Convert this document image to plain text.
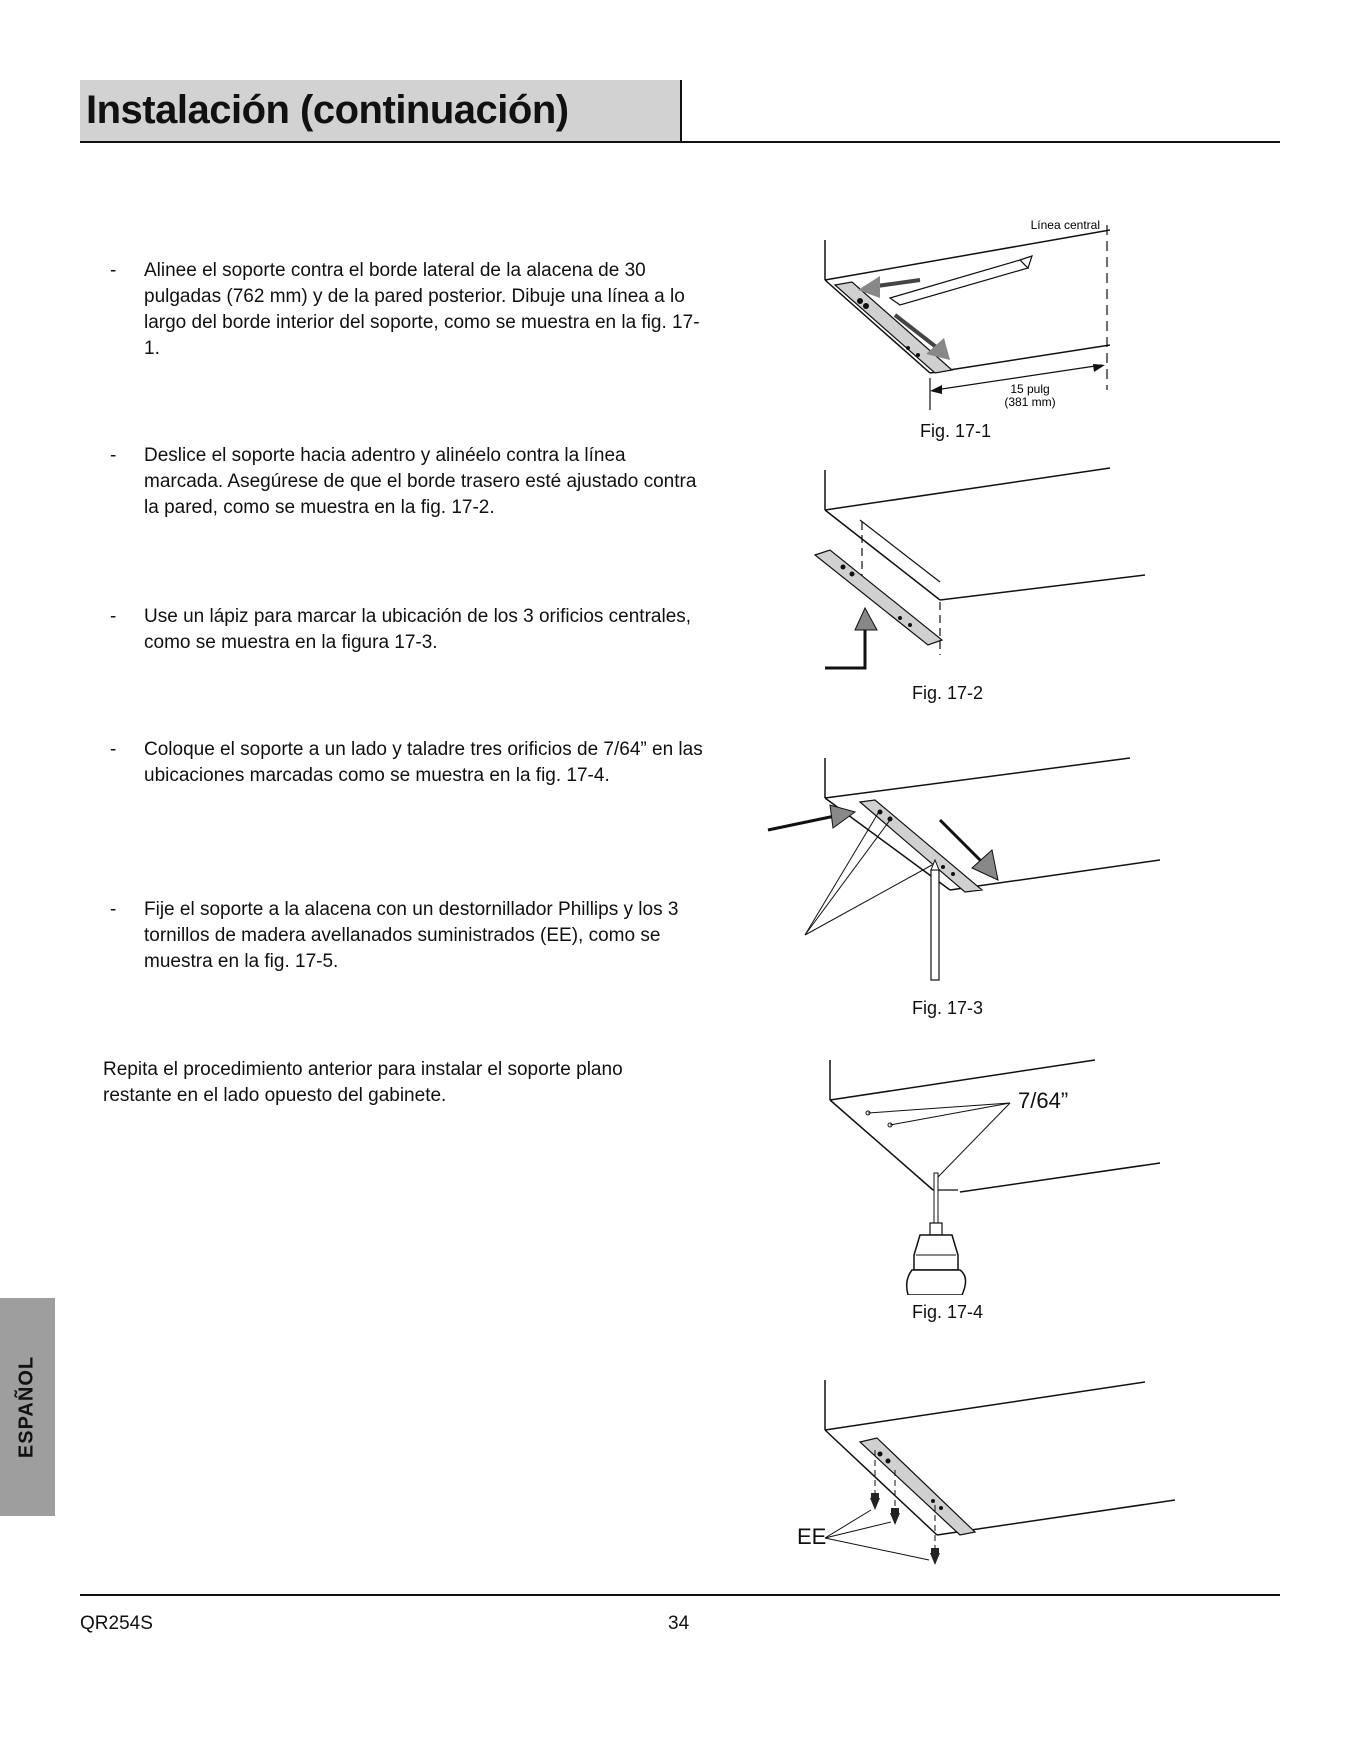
Instalación (continuación)
- Alinee el soporte contra el borde lateral de la alacena de 30 pulgadas (762 mm) y de la pared posterior. Dibuje una línea a lo largo del borde interior del soporte, como se muestra en la fig. 17-1.
- Deslice el soporte hacia adentro y alinéelo contra la línea marcada. Asegúrese de que el borde trasero esté ajustado contra la pared, como se muestra en la fig. 17-2.
- Use un lápiz para marcar la ubicación de los 3 orificios centrales, como se muestra en la figura 17-3.
- Coloque el soporte a un lado y taladre tres orificios de 7/64” en las ubicaciones marcadas como se muestra en la fig. 17-4.
- Fije el soporte a la alacena con un destornillador Phillips y los 3 tornillos de madera avellanados suministrados (EE), como se muestra en la fig. 17-5.
Repita el procedimiento anterior para instalar el soporte plano restante en el lado opuesto del gabinete.
Línea central
15 pulg
(381 mm)
Fig. 17-1
Fig. 17-2
Fig. 17-3
7/64”
Fig. 17-4
EE
ESPAÑOL
QR254S	34
